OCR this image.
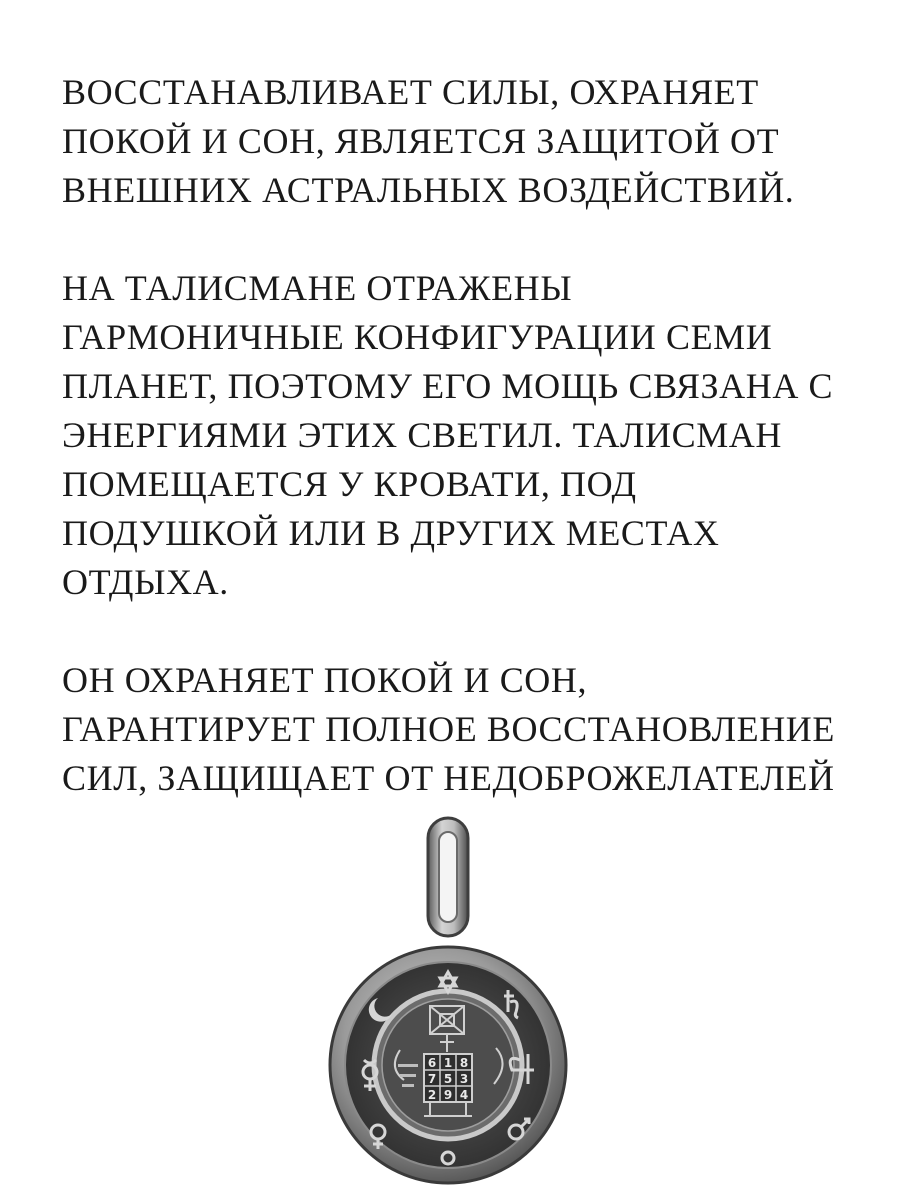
ВОССТАНАВЛИВАЕТ СИЛЫ, ОХРАНЯЕТ
ПОКОЙ И СОН, ЯВЛЯЕТСЯ ЗАЩИТОЙ ОТ
ВНЕШНИХ АСТРАЛЬНЫХ ВОЗДЕЙСТВИЙ.

НА ТАЛИСМАНЕ ОТРАЖЕНЫ
ГАРМОНИЧНЫЕ КОНФИГУРАЦИИ СЕМИ
ПЛАНЕТ, ПОЭТОМУ ЕГО МОЩЬ СВЯЗАНА С
ЭНЕРГИЯМИ ЭТИХ СВЕТИЛ. ТАЛИСМАН
ПОМЕЩАЕТСЯ У КРОВАТИ, ПОД
ПОДУШКОЙ ИЛИ В ДРУГИХ МЕСТАХ
ОТДЫХА.

ОН ОХРАНЯЕТ ПОКОЙ И СОН,
ГАРАНТИРУЕТ ПОЛНОЕ ВОССТАНОВЛЕНИЕ
СИЛ, ЗАЩИЩАЕТ ОТ НЕДОБРОЖЕЛАТЕЛЕЙ

6 1 8
7 5 3
2 9 4
